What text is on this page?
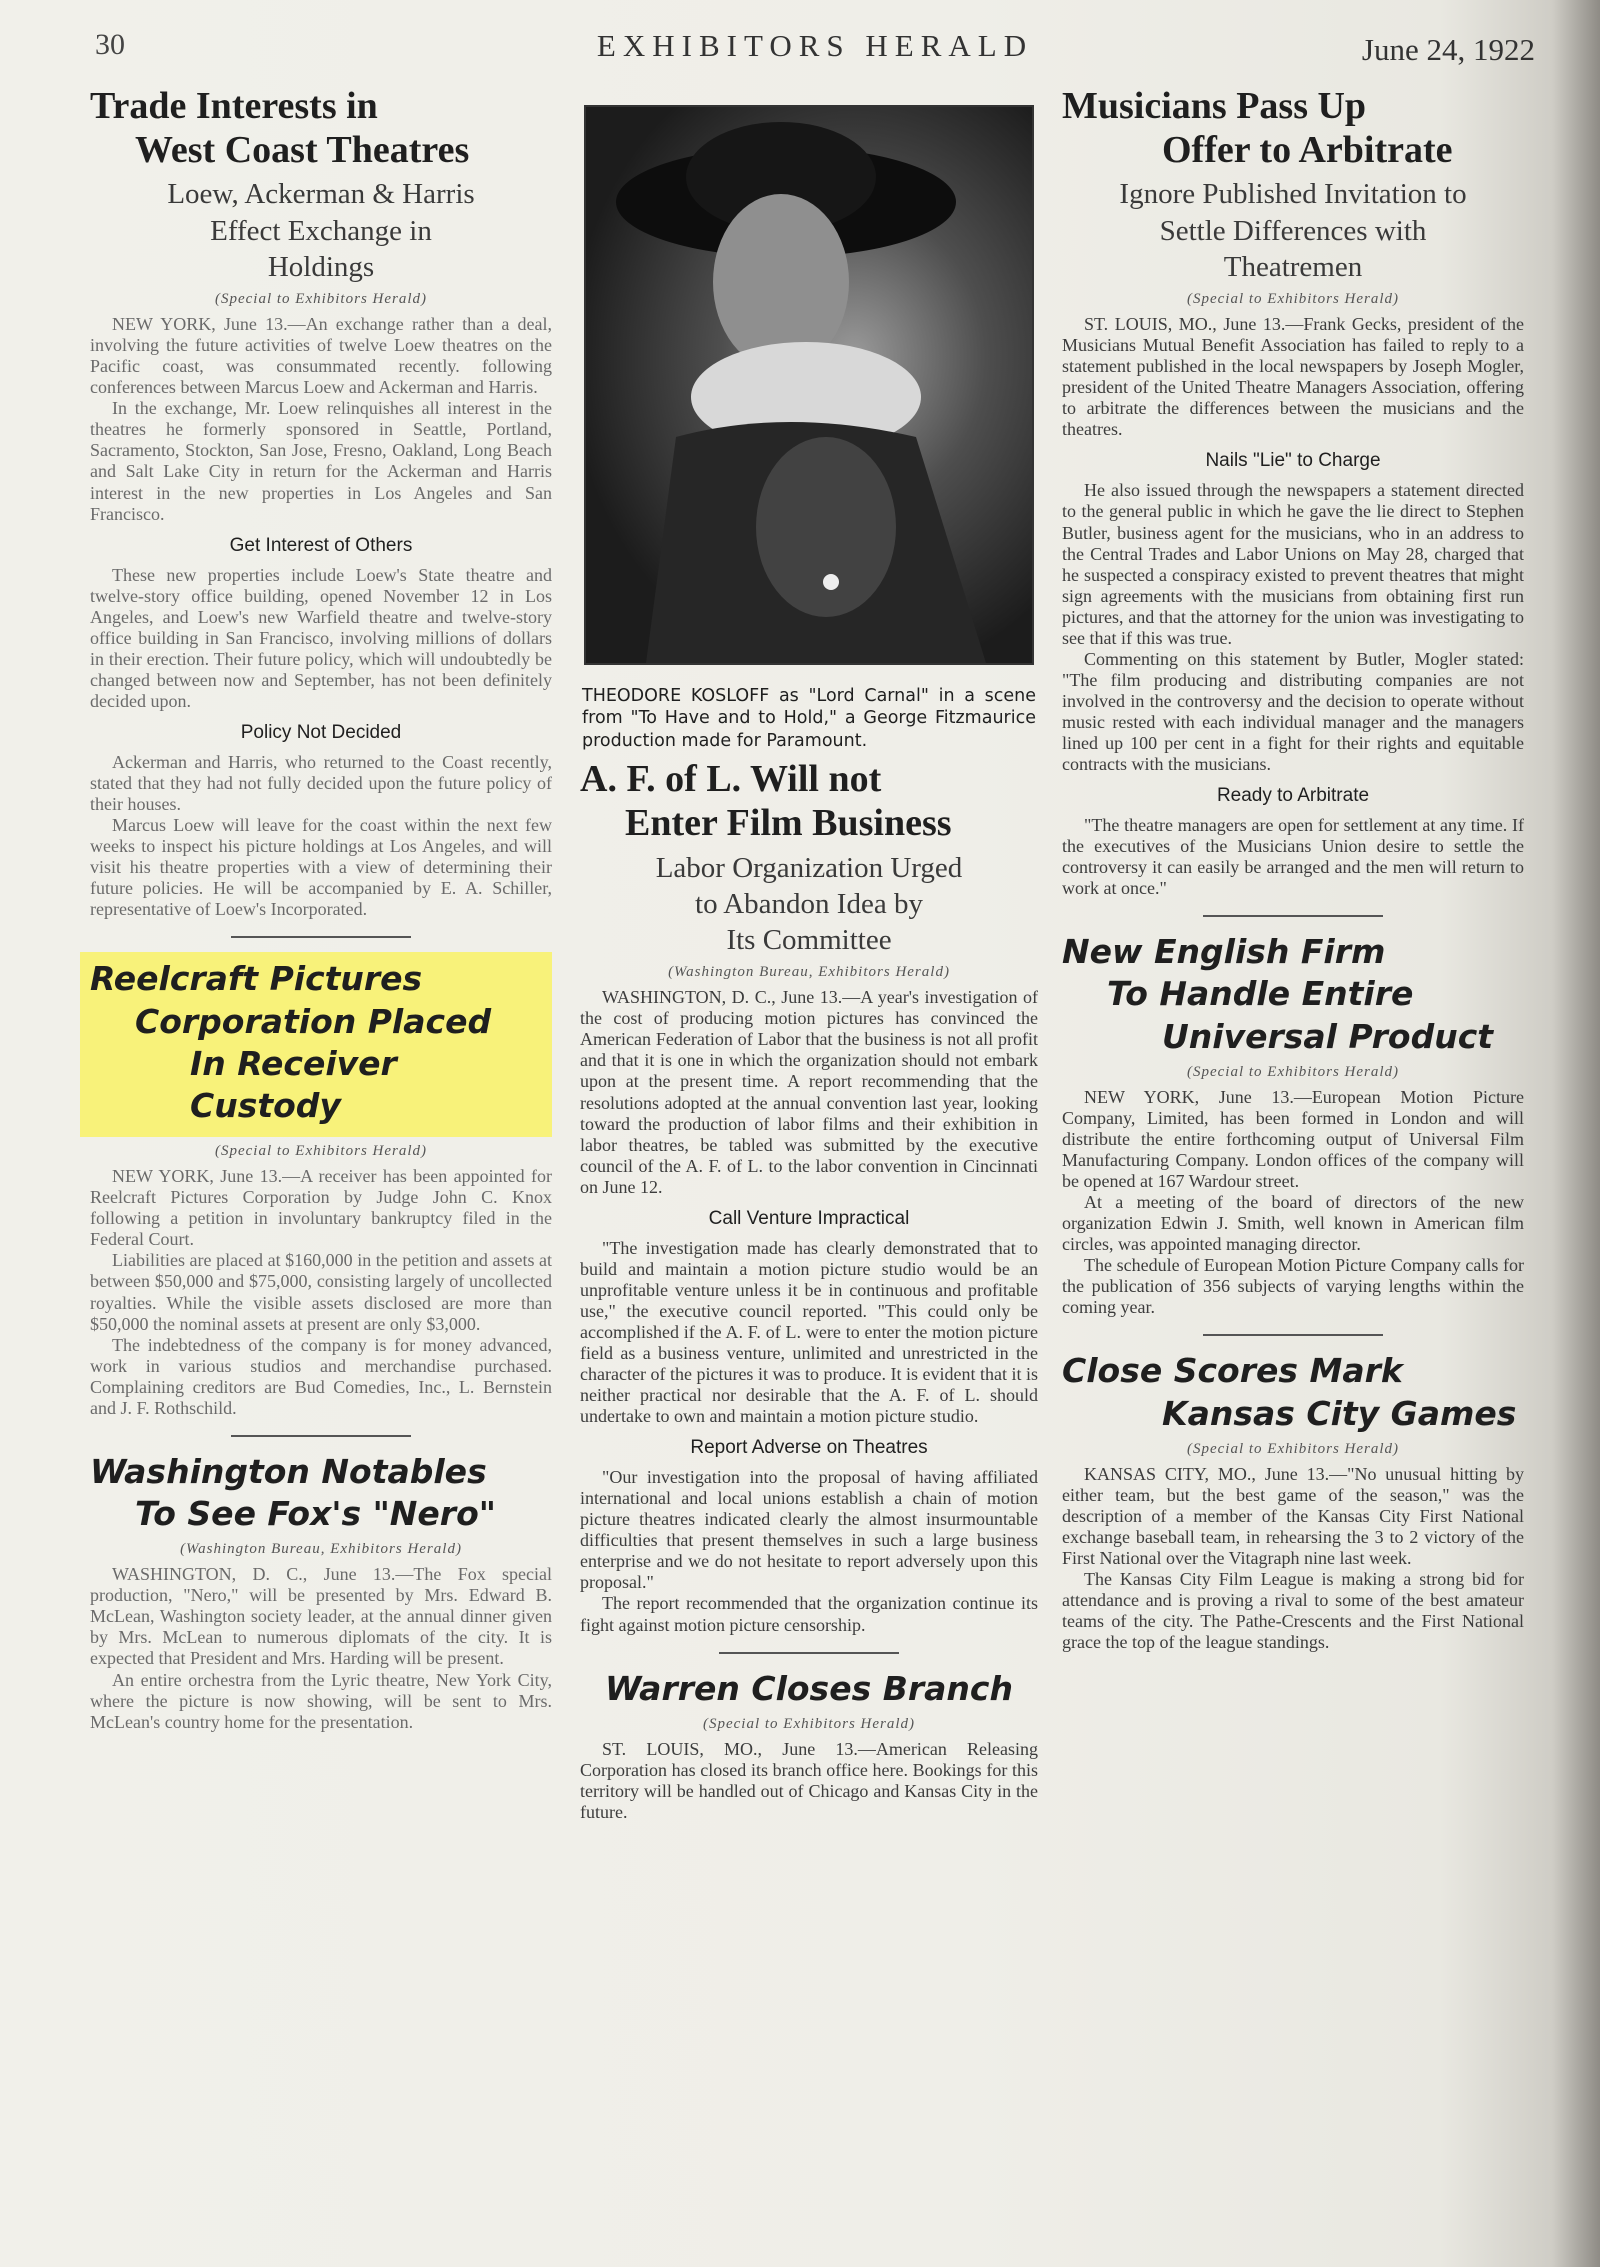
30	EXHIBITORS HERALD	June 24, 1922
Trade Interests in
West Coast Theatres
Loew, Ackerman & Harris
Effect Exchange in
Holdings
(Special to Exhibitors Herald)

NEW YORK, June 13.—An exchange rather than a deal, involving the future activities of twelve Loew theatres on the Pacific coast, was consummated recently. following conferences between Marcus Loew and Ackerman and Harris.

In the exchange, Mr. Loew relinquishes all interest in the theatres he formerly sponsored in Seattle, Portland, Sacramento, Stockton, San Jose, Fresno, Oakland, Long Beach and Salt Lake City in return for the Ackerman and Harris interest in the new properties in Los Angeles and San Francisco.

Get Interest of Others

These new properties include Loew's State theatre and twelve-story office building, opened November 12 in Los Angeles, and Loew's new Warfield theatre and twelve-story office building in San Francisco, involving millions of dollars in their erection. Their future policy, which will undoubtedly be changed between now and September, has not been definitely decided upon.

Policy Not Decided

Ackerman and Harris, who returned to the Coast recently, stated that they had not fully decided upon the future policy of their houses.

Marcus Loew will leave for the coast within the next few weeks to inspect his picture holdings at Los Angeles, and will visit his theatre properties with a view of determining their future policies. He will be accompanied by E. A. Schiller, representative of Loew's Incorporated.

Reelcraft Pictures
Corporation Placed
In Receiver Custody
(Special to Exhibitors Herald)

NEW YORK, June 13.—A receiver has been appointed for Reelcraft Pictures Corporation by Judge John C. Knox following a petition in involuntary bankruptcy filed in the Federal Court.

Liabilities are placed at $160,000 in the petition and assets at between $50,000 and $75,000, consisting largely of uncollected royalties. While the visible assets disclosed are more than $50,000 the nominal assets at present are only $3,000.

The indebtedness of the company is for money advanced, work in various studios and merchandise purchased. Complaining creditors are Bud Comedies, Inc., L. Bernstein and J. F. Rothschild.

Washington Notables
To See Fox's "Nero"
(Washington Bureau, Exhibitors Herald)

WASHINGTON, D. C., June 13.—The Fox special production, "Nero," will be presented by Mrs. Edward B. McLean, Washington society leader, at the annual dinner given by Mrs. McLean to numerous diplomats of the city. It is expected that President and Mrs. Harding will be present.

An entire orchestra from the Lyric theatre, New York City, where the picture is now showing, will be sent to Mrs. McLean's country home for the presentation.

THEODORE KOSLOFF as "Lord Carnal" in a scene from "To Have and to Hold," a George Fitzmaurice production made for Paramount.
A. F. of L. Will not
Enter Film Business
Labor Organization Urged
to Abandon Idea by
Its Committee
(Washington Bureau, Exhibitors Herald)

WASHINGTON, D. C., June 13.—A year's investigation of the cost of producing motion pictures has convinced the American Federation of Labor that the business is not all profit and that it is one in which the organization should not embark upon at the present time. A report recommending that the resolutions adopted at the annual convention last year, looking toward the production of labor films and their exhibition in labor theatres, be tabled was submitted by the executive council of the A. F. of L. to the labor convention in Cincinnati on June 12.

Call Venture Impractical

"The investigation made has clearly demonstrated that to build and maintain a motion picture studio would be an unprofitable venture unless it be in continuous and profitable use," the executive council reported. "This could only be accomplished if the A. F. of L. were to enter the motion picture field as a business venture, unlimited and unrestricted in the character of the pictures it was to produce. It is evident that it is neither practical nor desirable that the A. F. of L. should undertake to own and maintain a motion picture studio.

Report Adverse on Theatres

"Our investigation into the proposal of having affiliated international and local unions establish a chain of motion picture theatres indicated clearly the almost insurmountable difficulties that present themselves in such a large business enterprise and we do not hesitate to report adversely upon this proposal."

The report recommended that the organization continue its fight against motion picture censorship.

Warren Closes Branch
(Special to Exhibitors Herald)

ST. LOUIS, MO., June 13.—American Releasing Corporation has closed its branch office here. Bookings for this territory will be handled out of Chicago and Kansas City in the future.

Musicians Pass Up
Offer to Arbitrate
Ignore Published Invitation to
Settle Differences with
Theatremen
(Special to Exhibitors Herald)

ST. LOUIS, MO., June 13.—Frank Gecks, president of the Musicians Mutual Benefit Association has failed to reply to a statement published in the local newspapers by Joseph Mogler, president of the United Theatre Managers Association, offering to arbitrate the differences between the musicians and the theatres.

Nails "Lie" to Charge

He also issued through the newspapers a statement directed to the general public in which he gave the lie direct to Stephen Butler, business agent for the musicians, who in an address to the Central Trades and Labor Unions on May 28, charged that he suspected a conspiracy existed to prevent theatres that might sign agreements with the musicians from obtaining first run pictures, and that the attorney for the union was investigating to see that if this was true.

Commenting on this statement by Butler, Mogler stated: "The film producing and distributing companies are not involved in the controversy and the decision to operate without music rested with each individual manager and the managers lined up 100 per cent in a fight for their rights and equitable contracts with the musicians.

Ready to Arbitrate

"The theatre managers are open for settlement at any time. If the executives of the Musicians Union desire to settle the controversy it can easily be arranged and the men will return to work at once."

New English Firm
To Handle Entire
Universal Product
(Special to Exhibitors Herald)

NEW YORK, June 13.—European Motion Picture Company, Limited, has been formed in London and will distribute the entire forthcoming output of Universal Film Manufacturing Company. London offices of the company will be opened at 167 Wardour street.

At a meeting of the board of directors of the new organization Edwin J. Smith, well known in American film circles, was appointed managing director.

The schedule of European Motion Picture Company calls for the publication of 356 subjects of varying lengths within the coming year.

Close Scores Mark
Kansas City Games
(Special to Exhibitors Herald)

KANSAS CITY, MO., June 13.—"No unusual hitting by either team, but the best game of the season," was the description of a member of the Kansas City First National exchange baseball team, in rehearsing the 3 to 2 victory of the First National over the Vitagraph nine last week.

The Kansas City Film League is making a strong bid for attendance and is proving a rival to some of the best amateur teams of the city. The Pathe-Crescents and the First National grace the top of the league standings.
